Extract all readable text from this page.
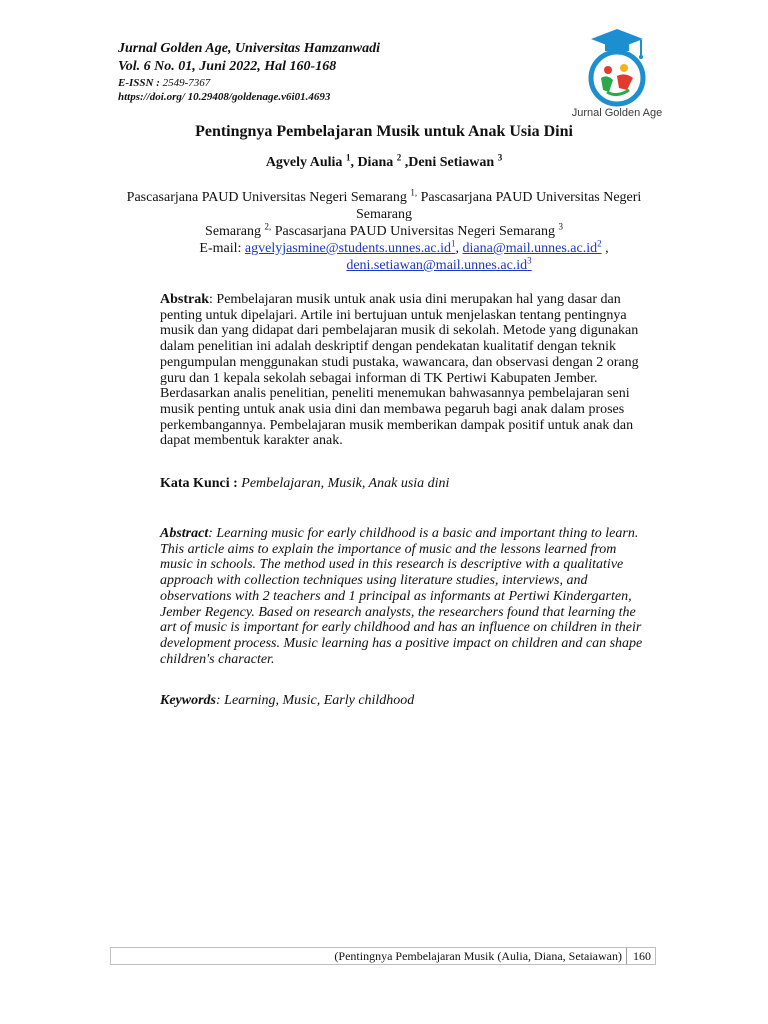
Jurnal Golden Age, Universitas Hamzanwadi
Vol. 6 No. 01, Juni 2022, Hal 160-168
E-ISSN : 2549-7367
https://doi.org/ 10.29408/goldenage.v6i01.4693
Jurnal Golden Age
Pentingnya Pembelajaran Musik untuk Anak Usia Dini
Agvely Aulia $^1$, Diana $^2$ ,Deni Setiawan $^3$
Pascasarjana PAUD Universitas Negeri Semarang $^{1,}$ Pascasarjana PAUD Universitas Negeri Semarang
Semarang $^{2,}$ Pascasarjana PAUD Universitas Negeri Semarang $^3$
E-mail: $agvelyjasmine@students.unnes.ac.id^1$, $diana@mail.unnes.ac.id^2$ ,
$deni.setiawan@mail.unnes.ac.id^3$
Abstrak: Pembelajaran musik untuk anak usia dini merupakan hal yang dasar dan
penting untuk dipelajari. Artile ini bertujuan untuk menjelaskan tentang pentingnya
musik dan yang didapat dari pembelajaran musik di sekolah. Metode yang digunakan
dalam penelitian ini adalah deskriptif dengan pendekatan kualitatif dengan teknik
pengumpulan menggunakan studi pustaka, wawancara, dan observasi dengan 2 orang
guru dan 1 kepala sekolah sebagai informan di TK Pertiwi Kabupaten Jember.
Berdasarkan analis penelitian, peneliti menemukan bahwasannya pembelajaran seni
musik penting untuk anak usia dini dan membawa pegaruh bagi anak dalam proses
perkembangannya. Pembelajaran musik memberikan dampak positif untuk anak dan
dapat membentuk karakter anak.
Kata Kunci : Pembelajaran, Musik, Anak usia dini
Abstract: Learning music for early childhood is a basic and important thing to learn.
This article aims to explain the importance of music and the lessons learned from
music in schools. The method used in this research is descriptive with a qualitative
approach with collection techniques using literature studies, interviews, and
observations with 2 teachers and 1 principal as informants at Pertiwi Kindergarten,
Jember Regency. Based on research analysts, the researchers found that learning the
art of music is important for early childhood and has an influence on children in their
development process. Music learning has a positive impact on children and can shape
children's character.
Keywords: Learning, Music, Early childhood
(Pentingnya Pembelajaran Musik (Aulia, Diana, Setaiawan) 160
